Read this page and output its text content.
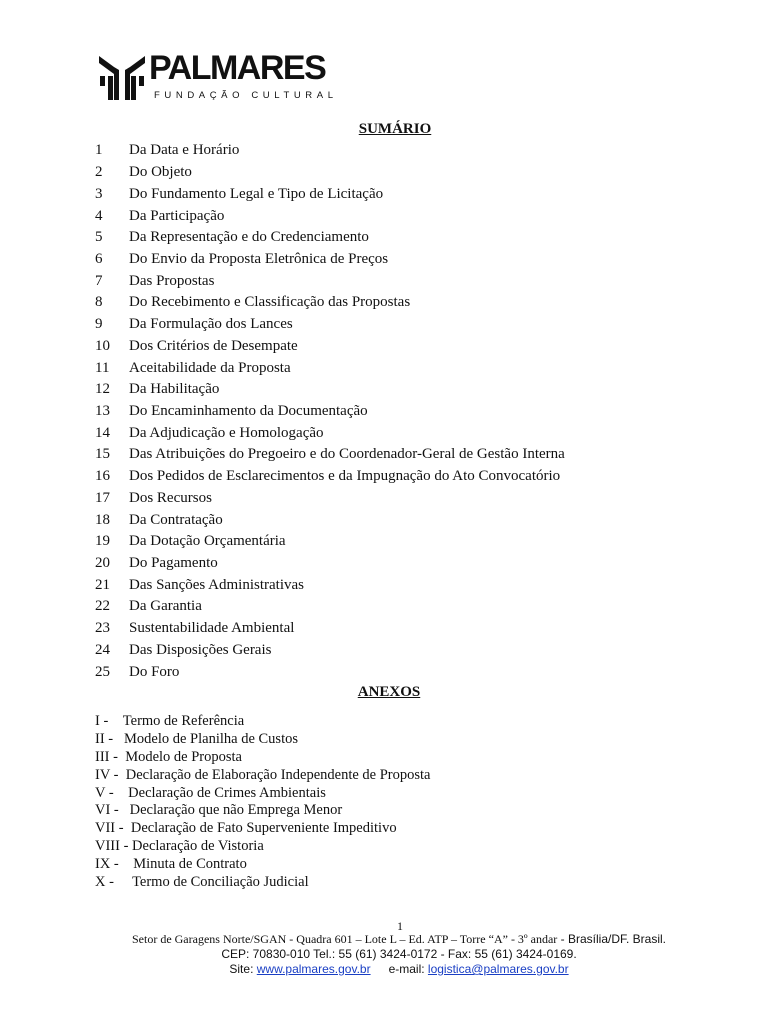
PALMARES
FUNDAÇÃO CULTURAL
SUMÁRIO
1	Da Data e Horário
2	Do Objeto
3	Do Fundamento Legal e Tipo de Licitação
4	Da Participação
5	Da Representação e do Credenciamento
6	Do Envio da Proposta Eletrônica de Preços
7	Das Propostas
8	Do Recebimento e Classificação das Propostas
9	Da Formulação dos Lances
10	Dos Critérios de Desempate
11	Aceitabilidade da Proposta
12	Da Habilitação
13	Do Encaminhamento da Documentação
14	Da Adjudicação e Homologação
15	Das Atribuições do Pregoeiro e do Coordenador-Geral de Gestão Interna
16	Dos Pedidos de Esclarecimentos e da Impugnação do Ato Convocatório
17	Dos Recursos
18	Da Contratação
19	Da Dotação Orçamentária
20	Do Pagamento
21	Das Sanções Administrativas
22	Da Garantia
23	Sustentabilidade Ambiental
24	Das Disposições Gerais
25	Do Foro
ANEXOS
I - Termo de Referência
II - Modelo de Planilha de Custos
III - Modelo de Proposta
IV - Declaração de Elaboração Independente de Proposta
V - Declaração de Crimes Ambientais
VI - Declaração que não Emprega Menor
VII - Declaração de Fato Superveniente Impeditivo
VIII - Declaração de Vistoria
IX - Minuta de Contrato
X - Termo de Conciliação Judicial
1
Setor de Garagens Norte/SGAN - Quadra 601 – Lote L – Ed. ATP – Torre “A” - 3º andar - Brasília/DF. Brasil.
CEP: 70830-010 Tel.: 55 (61) 3424-0172 - Fax: 55 (61) 3424-0169.
Site: www.palmares.gov.br e-mail: logistica@palmares.gov.br
